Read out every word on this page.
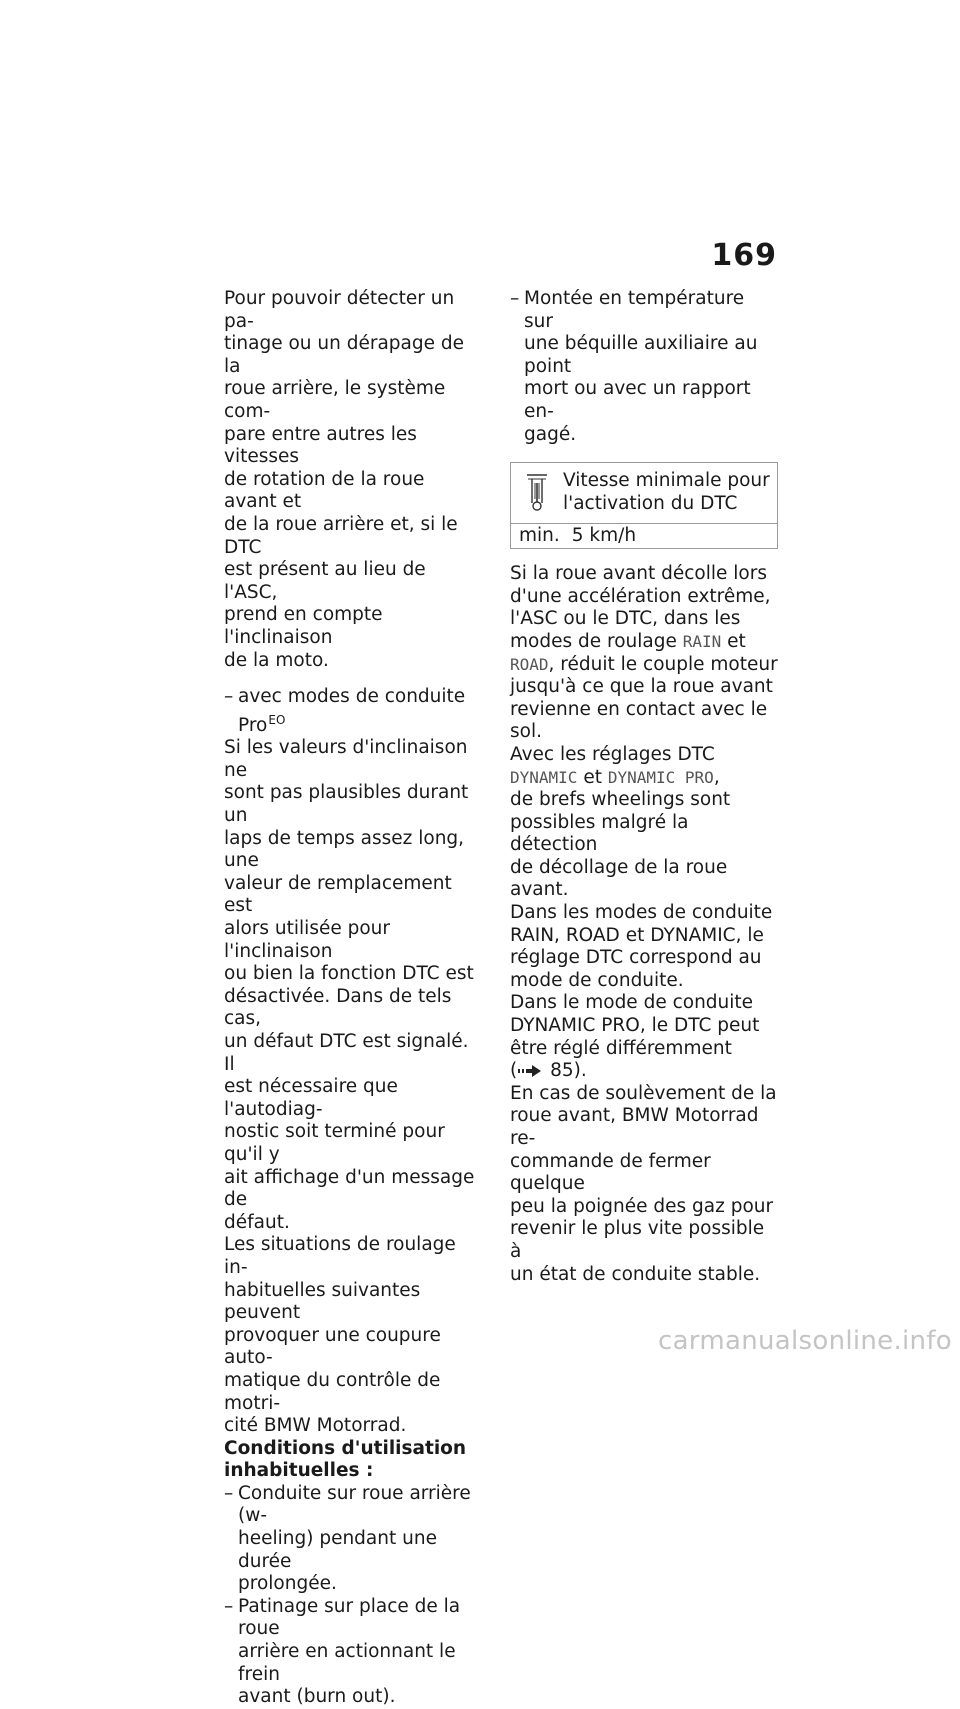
169

Pour pouvoir détecter un pa-
tinage ou un dérapage de la
roue arrière, le système com-
pare entre autres les vitesses
de rotation de la roue avant et
de la roue arrière et, si le DTC
est présent au lieu de l'ASC,
prend en compte l'inclinaison
de la moto.

– avec modes de conduite
Pro$^{EO}$

Si les valeurs d'inclinaison ne
sont pas plausibles durant un
laps de temps assez long, une
valeur de remplacement est
alors utilisée pour l'inclinaison
ou bien la fonction DTC est
désactivée. Dans de tels cas,
un défaut DTC est signalé. Il
est nécessaire que l'autodiag-
nostic soit terminé pour qu'il y
ait affichage d'un message de
défaut.

Les situations de roulage in-
habituelles suivantes peuvent
provoquer une coupure auto-
matique du contrôle de motri-
cité BMW Motorrad.

Conditions d'utilisation
inhabituelles :

– Conduite sur roue arrière (w-
heeling) pendant une durée
prolongée.
– Patinage sur place de la roue
arrière en actionnant le frein
avant (burn out).
– Montée en température sur
une béquille auxiliaire au point
mort ou avec un rapport en-
gagé.
Vitesse minimale pour
l'activation du DTC
min. 5 km/h

Si la roue avant décolle lors
d'une accélération extrême,
l'ASC ou le DTC, dans les
modes de roulage RAIN et
ROAD, réduit le couple moteur
jusqu'à ce que la roue avant
revienne en contact avec le sol.

Avec les réglages DTC
DYNAMIC et DYNAMIC PRO,
de brefs wheelings sont
possibles malgré la détection
de décollage de la roue avant.

Dans les modes de conduite
RAIN, ROAD et DYNAMIC, le
réglage DTC correspond au
mode de conduite.

Dans le mode de conduite
DYNAMIC PRO, le DTC peut
être réglé différemment
( 85).

En cas de soulèvement de la
roue avant, BMW Motorrad re-
commande de fermer quelque
peu la poignée des gaz pour
revenir le plus vite possible à
un état de conduite stable.

carmanualsonline.info
